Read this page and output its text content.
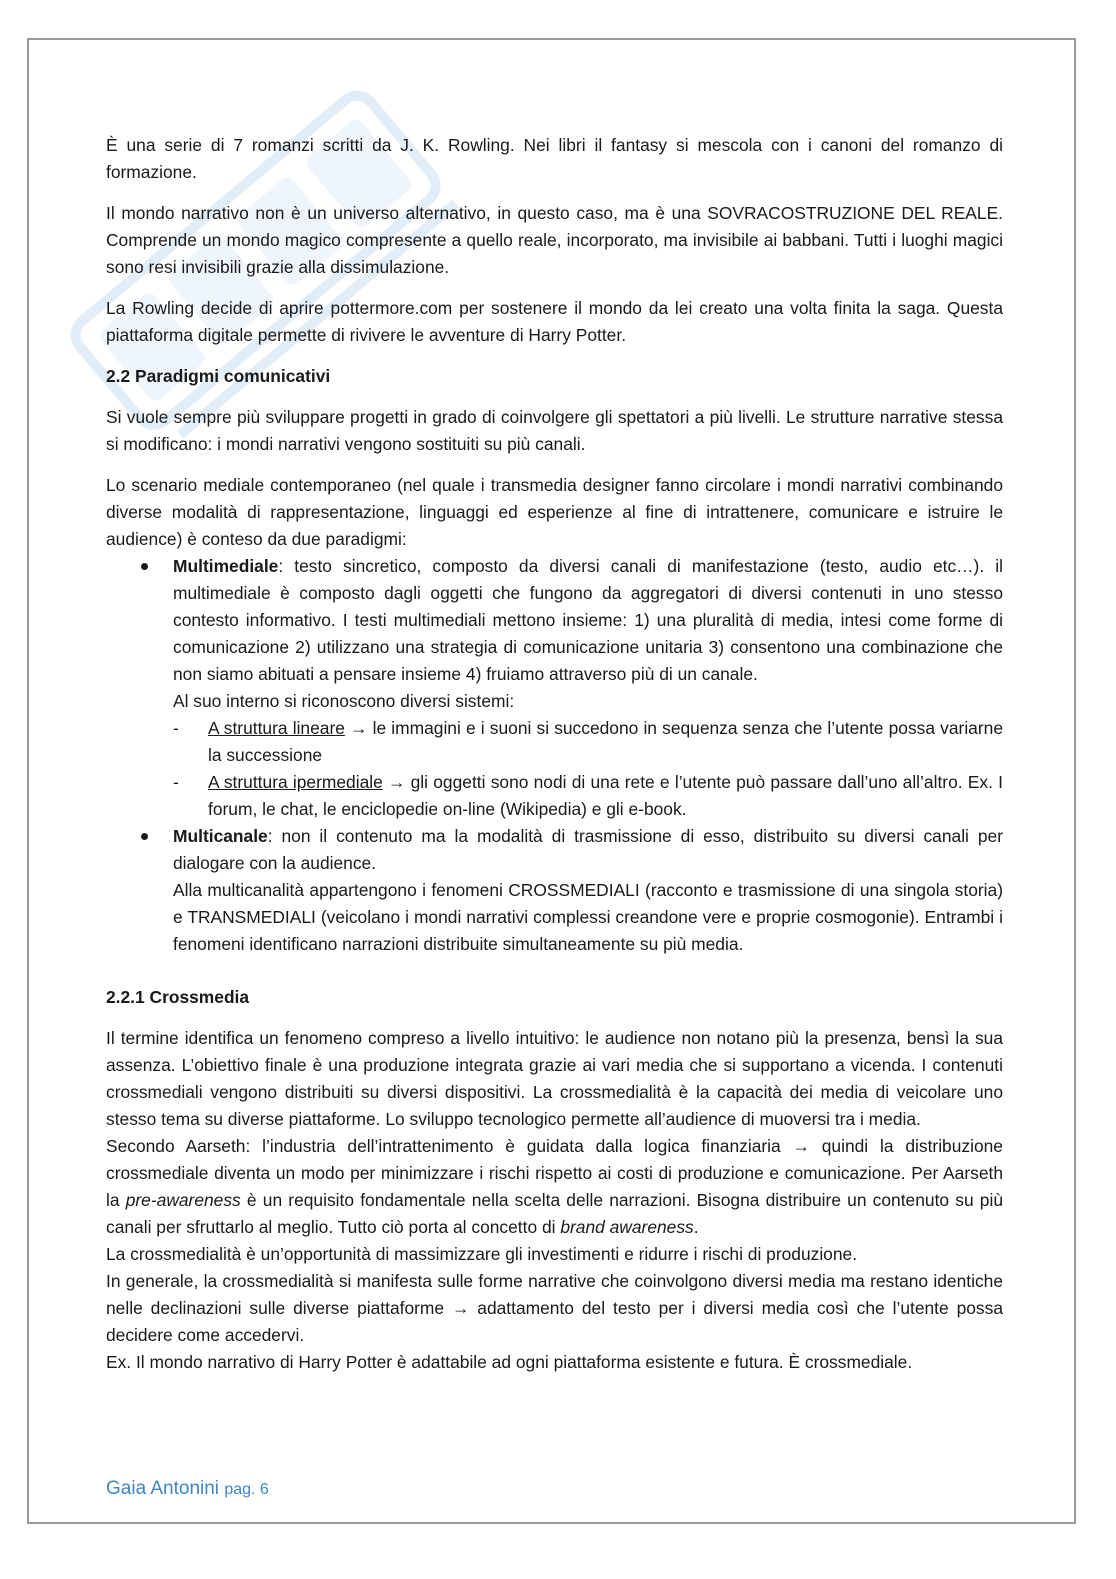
È una serie di 7 romanzi scritti da J. K. Rowling. Nei libri il fantasy si mescola con i canoni del romanzo di formazione.

Il mondo narrativo non è un universo alternativo, in questo caso, ma è una SOVRACOSTRUZIONE DEL REALE. Comprende un mondo magico compresente a quello reale, incorporato, ma invisibile ai babbani. Tutti i luoghi magici sono resi invisibili grazie alla dissimulazione.

La Rowling decide di aprire pottermore.com per sostenere il mondo da lei creato una volta finita la saga. Questa piattaforma digitale permette di rivivere le avventure di Harry Potter.

2.2 Paradigmi comunicativi

Si vuole sempre più sviluppare progetti in grado di coinvolgere gli spettatori a più livelli. Le strutture narrative stessa si modificano: i mondi narrativi vengono sostituiti su più canali.

Lo scenario mediale contemporaneo (nel quale i transmedia designer fanno circolare i mondi narrativi combinando diverse modalità di rappresentazione, linguaggi ed esperienze al fine di intrattenere, comunicare e istruire le audience) è conteso da due paradigmi:

Multimediale: testo sincretico, composto da diversi canali di manifestazione (testo, audio etc…). il multimediale è composto dagli oggetti che fungono da aggregatori di diversi contenuti in uno stesso contesto informativo. I testi multimediali mettono insieme: 1) una pluralità di media, intesi come forme di comunicazione 2) utilizzano una strategia di comunicazione unitaria 3) consentono una combinazione che non siamo abituati a pensare insieme 4) fruiamo attraverso più di un canale.
Al suo interno si riconoscono diversi sistemi:
- A struttura lineare → le immagini e i suoni si succedono in sequenza senza che l’utente possa variarne la successione
- A struttura ipermediale → gli oggetti sono nodi di una rete e l’utente può passare dall’uno all’altro. Ex. I forum, le chat, le enciclopedie on-line (Wikipedia) e gli e-book.
Multicanale: non il contenuto ma la modalità di trasmissione di esso, distribuito su diversi canali per dialogare con la audience.
Alla multicanalità appartengono i fenomeni CROSSMEDIALI (racconto e trasmissione di una singola storia) e TRANSMEDIALI (veicolano i mondi narrativi complessi creandone vere e proprie cosmogonie). Entrambi i fenomeni identificano narrazioni distribuite simultaneamente su più media.
2.2.1 Crossmedia

Il termine identifica un fenomeno compreso a livello intuitivo: le audience non notano più la presenza, bensì la sua assenza. L’obiettivo finale è una produzione integrata grazie ai vari media che si supportano a vicenda. I contenuti crossmediali vengono distribuiti su diversi dispositivi. La crossmedialità è la capacità dei media di veicolare uno stesso tema su diverse piattaforme. Lo sviluppo tecnologico permette all’audience di muoversi tra i media.

Secondo Aarseth: l’industria dell’intrattenimento è guidata dalla logica finanziaria → quindi la distribuzione crossmediale diventa un modo per minimizzare i rischi rispetto ai costi di produzione e comunicazione. Per Aarseth la pre-awareness è un requisito fondamentale nella scelta delle narrazioni. Bisogna distribuire un contenuto su più canali per sfruttarlo al meglio. Tutto ciò porta al concetto di brand awareness.

La crossmedialità è un’opportunità di massimizzare gli investimenti e ridurre i rischi di produzione.

In generale, la crossmedialità si manifesta sulle forme narrative che coinvolgono diversi media ma restano identiche nelle declinazioni sulle diverse piattaforme → adattamento del testo per i diversi media così che l’utente possa decidere come accedervi.

Ex. Il mondo narrativo di Harry Potter è adattabile ad ogni piattaforma esistente e futura. È crossmediale.

Gaia Antonini pag. 6
